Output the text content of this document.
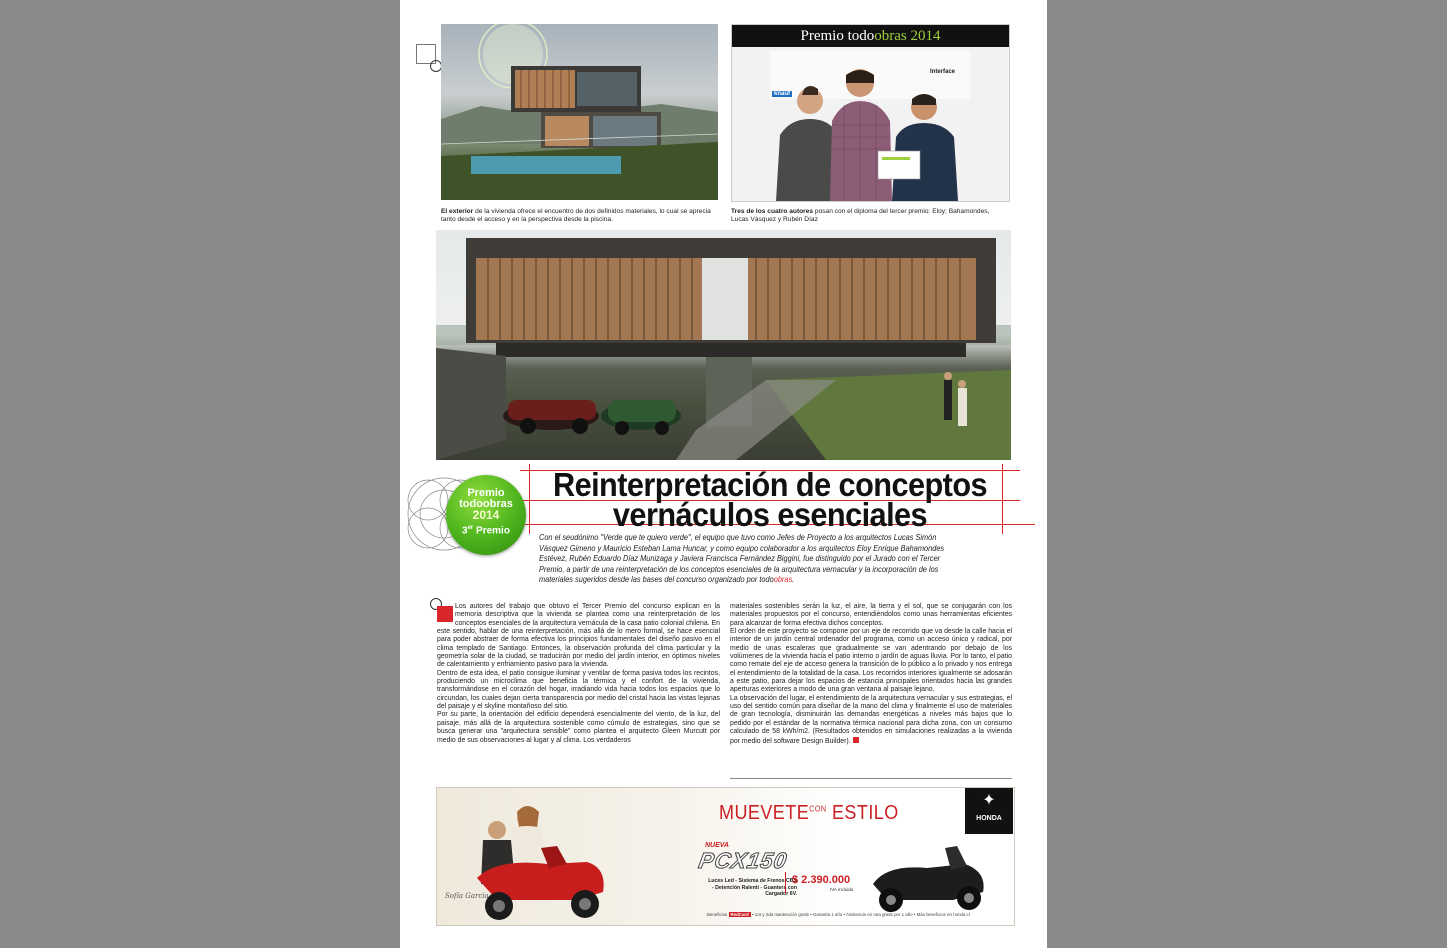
Premio todoobras 2014
Interface
knauf
El exterior de la vivienda ofrece el encuentro de dos definidos materiales, lo cual se aprecia tanto desde el acceso y en la perspectiva desde la piscina.
Tres de los cuatro autores posan con el diploma del tercer premio: Eloy; Bahamondes, Lucas Vásquez y Rubén Díaz
Premio
todoobras
2014
3er Premio
Reinterpretación de conceptos
vernáculos esenciales
Con el seudónimo "Verde que te quiero verde", el equipo que tuvo como Jefes de Proyecto a los arquitectos Lucas Simón Vásquez Gimeno y Mauricio Esteban Lama Huncar, y como equipo colaborador a los arquitectos Eloy Enrique Bahamondes Estévez, Rubén Eduardo Díaz Munizaga y Javiera Francisca Fernández Biggini, fue distinguido por el Jurado con el Tercer Premio, a partir de una reinterpretación de los conceptos esenciales de la arquitectura vernacular y la incorporación de los materiales sugeridos desde las bases del concurso organizado por todoobras.

Los autores del trabajo que obtuvo el Tercer Premio del concurso explican en la memoria descriptiva que la vivienda se plantea como una reinterpretación de los conceptos esenciales de la arquitectura vernácula de la casa patio colonial chilena. En este sentido, hablar de una reinterpretación, más allá de lo mero formal, se hace esencial para poder abstraer de forma efectiva los principios fundamentales del diseño pasivo en el clima templado de Santiago. Entonces, la observación profunda del clima particular y la geometría solar de la ciudad, se traducirán por medio del jardín interior, en óptimos niveles de calentamiento y enfriamiento pasivo para la vivienda.

Dentro de esta idea, el patio consigue iluminar y ventilar de forma pasiva todos los recintos, produciendo un microclima que beneficia la térmica y el confort de la vivienda, transformándose en el corazón del hogar, irradiando vida hacia todos los espacios que lo circundan, los cuales dejan cierta transparencia por medio del cristal hacia las vistas lejanas del paisaje y el skyline montañoso del sitio.

Por su parte, la orientación del edificio dependerá esencialmente del viento, de la luz, del paisaje, más allá de la arquitectura sostenible como cúmulo de estrategias, sino que se busca generar una "arquitectura sensible" como plantea el arquitecto Gleen Murcutt por medio de sus observaciones al lugar y al clima. Los verdaderos

materiales sostenibles serán la luz, el aire, la tierra y el sol, que se conjugarán con los materiales propuestos por el concurso, entendiéndolos como unas herramientas eficientes para alcanzar de forma efectiva dichos conceptos.

El orden de este proyecto se compone por un eje de recorrido que va desde la calle hacia el interior de un jardín central ordenador del programa, como un acceso único y radical, por medio de unas escaleras que gradualmente se van adentrando por debajo de los volúmenes de la vivienda hacia el patio interno o jardín de aguas lluvia. Por lo tanto, el patio como remate del eje de acceso genera la transición de lo público a lo privado y nos entrega el entendimiento de la totalidad de la casa. Los recorridos interiores igualmente se adosarán a este patio, para dejar los espacios de estancia principales orientados hacia las grandes aperturas exteriores a modo de una gran ventana al paisaje lejano.

La observación del lugar, el entendimiento de la arquitectura vernacular y sus estrategias, el uso del sentido común para diseñar de la mano del clima y finalmente el uso de materiales de gran tecnología, disminuirán las demandas energéticas a niveles más bajos que lo pedido por el estándar de la normativa térmica nacional para dicha zona, con un consumo calculado de 58 kWh/m2. (Resultados obtenidos en simulaciones realizadas a la vivienda por medio del software Design Builder).

Sofía Garcia
$MUEVETE^{CON}$ ESTILO
✦
HONDA
NUEVA
PCX150
Luces Led - Sistema de Frenos CBS
- Detención Ralentí - Guantera con Cargador 6V.
$ 2.390.000
IVA Incluido
Beneficios RedCard • 1ra y 2da mantención gratis • Garantía 1 año • Asistencia en ruta gratis por 1 año • Más beneficios en honda.cl
